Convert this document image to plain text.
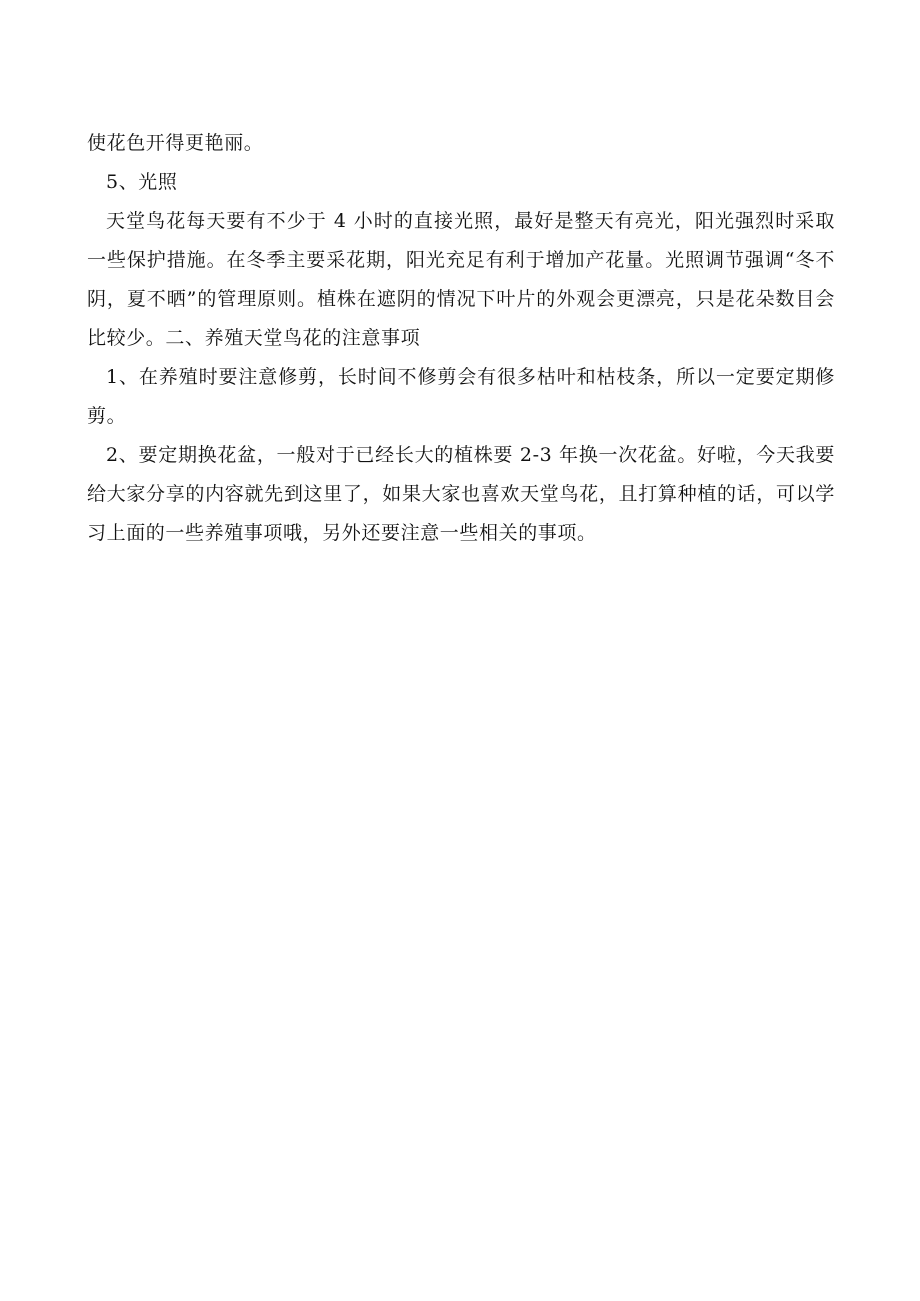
使花色开得更艳丽。

5、光照

天堂鸟花每天要有不少于 4 小时的直接光照，最好是整天有亮光，阳光强烈时采取一些保护措施。在冬季主要采花期，阳光充足有利于增加产花量。光照调节强调“冬不阴，夏不晒”的管理原则。植株在遮阴的情况下叶片的外观会更漂亮，只是花朵数目会比较少。二、养殖天堂鸟花的注意事项

1、在养殖时要注意修剪，长时间不修剪会有很多枯叶和枯枝条，所以一定要定期修剪。

2、要定期换花盆，一般对于已经长大的植株要 2-3 年换一次花盆。好啦，今天我要给大家分享的内容就先到这里了，如果大家也喜欢天堂鸟花，且打算种植的话，可以学习上面的一些养殖事项哦，另外还要注意一些相关的事项。
